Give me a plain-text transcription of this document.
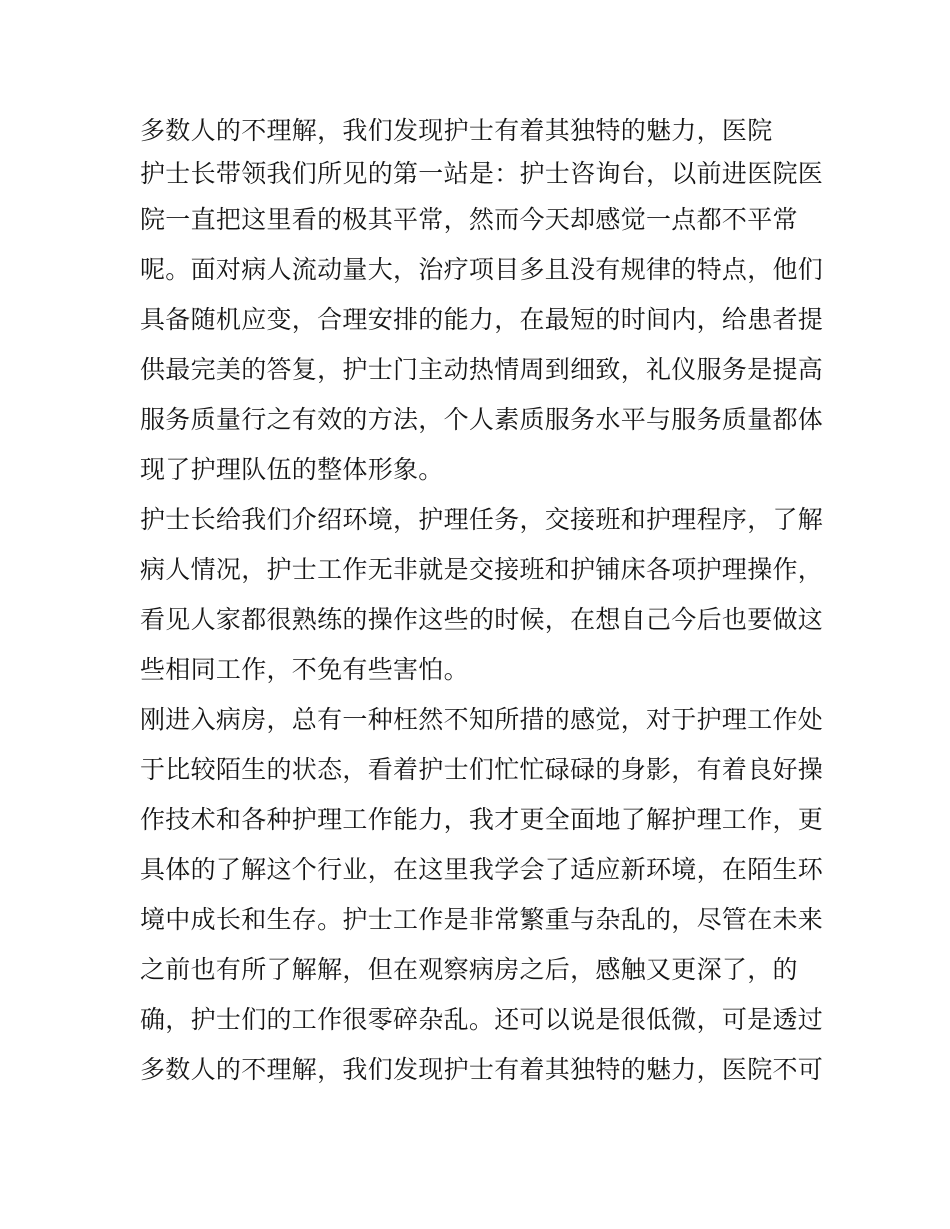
多数人的不理解，我们发现护士有着其独特的魅力，医院
护士长带领我们所见的第一站是：护士咨询台，以前进医院医
院一直把这里看的极其平常，然而今天却感觉一点都不平常
呢。面对病人流动量大，治疗项目多且没有规律的特点，他们
具备随机应变，合理安排的能力，在最短的时间内，给患者提
供最完美的答复，护士门主动热情周到细致，礼仪服务是提高
服务质量行之有效的方法，个人素质服务水平与服务质量都体
现了护理队伍的整体形象。
护士长给我们介绍环境，护理任务，交接班和护理程序，了解
病人情况，护士工作无非就是交接班和护铺床各项护理操作，
看见人家都很熟练的操作这些的时候，在想自己今后也要做这
些相同工作，不免有些害怕。
刚进入病房，总有一种枉然不知所措的感觉，对于护理工作处
于比较陌生的状态，看着护士们忙忙碌碌的身影，有着良好操
作技术和各种护理工作能力，我才更全面地了解护理工作，更
具体的了解这个行业，在这里我学会了适应新环境，在陌生环
境中成长和生存。护士工作是非常繁重与杂乱的，尽管在未来
之前也有所了解解，但在观察病房之后，感触又更深了，的
确，护士们的工作很零碎杂乱。还可以说是很低微，可是透过
多数人的不理解，我们发现护士有着其独特的魅力，医院不可
